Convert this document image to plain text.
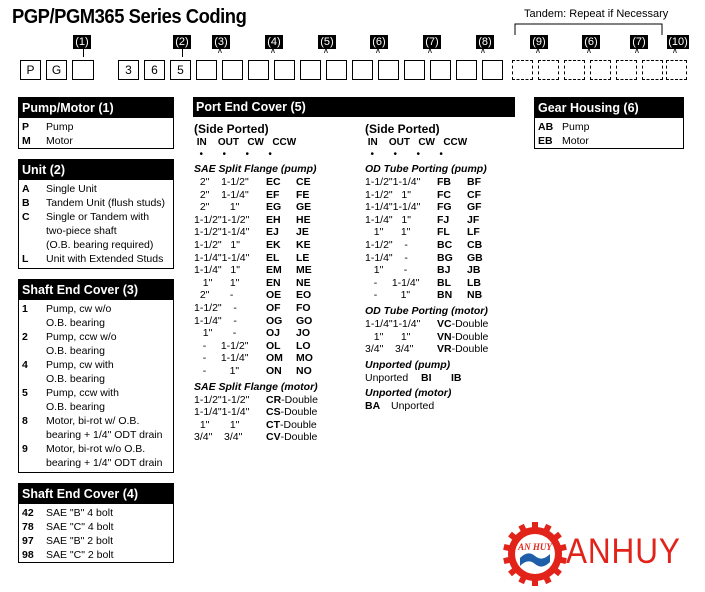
PGP/PGM365 Series Coding	Tandem: Repeat if Necessary
(1)	(2) (3)
∧
(4)
∧
(5)
∧
(6)
∧
(7)
∧
(8)
∧
(9)
∧
(6)
∧
(7)
∧
(10)
∧
P	G	3	6	5
Pump/Motor (1)
P	Pump
M	Motor
Unit (2)
A	Single Unit
B	Tandem Unit (flush studs)
C	Single or Tandem with
two-piece shaft
(O.B. bearing required)
L	Unit with Extended Studs
Shaft End Cover (3)
1	Pump, cw w/o
O.B. bearing
2	Pump, ccw w/o
O.B. bearing
4	Pump, cw with
O.B. bearing
5	Pump, ccw with
O.B. bearing
8	Motor, bi-rot w/ O.B.
bearing + 1/4" ODT drain
9	Motor, bi-rot w/o O.B.
bearing + 1/4" ODT drain
Shaft End Cover (4)
42	SAE "B" 4 bolt
78	SAE "C" 4 bolt
97	SAE "B" 2 bolt
98	SAE "C" 2 bolt
Port End Cover (5)
(Side Ported)
IN    OUT   CW   CCW
•       •       •       •
SAE Split Flange (pump)
2"    1-1/2" EC CE
2"    1-1/4" EF FE
2"       1"	EG GE
1-1/2"1-1/2" EH HE
1-1/2"1-1/4" EJ JE
1-1/2"   1" EK KE
1-1/4"1-1/4" EL LE
1-1/4"   1" EM ME
1"      1"	EN NE
2"       -	OE EO
1-1/2"    -	OF FO
1-1/4"    -	OG GO
1"       -	OJ JO
-     1-1/2" OL LO
-     1-1/4" OM MO
-        1"	ON NO
SAE Split Flange (motor)
1-1/2"1-1/2" CR-Double
1-1/4"1-1/4" CS-Double
1"       1"	CT-Double
3/4"    3/4" CV-Double
(Side Ported)
IN    OUT   CW   CCW
•       •       •       •
OD Tube Porting (pump)
1-1/2"1-1/4" FB BF
1-1/2"   1" FC CF
1-1/4"1-1/4" FG GF
1-1/4"   1" FJ JF
1"      1"	FL LF
1-1/2"    -	BC CB
1-1/4"    -	BG GB
1"       -	BJ JB
-     1-1/4" BL LB
-        1"	BN NB
OD Tube Porting (motor)
1-1/4"1-1/4" VC-Double
1"      1"	VN-Double
3/4"    3/4" VR-Double
Unported (pump)
Unported BI IB
Unported (motor)
BA Unported
Gear Housing (6)
AB Pump
EB Motor
AN HUY ANHUY
